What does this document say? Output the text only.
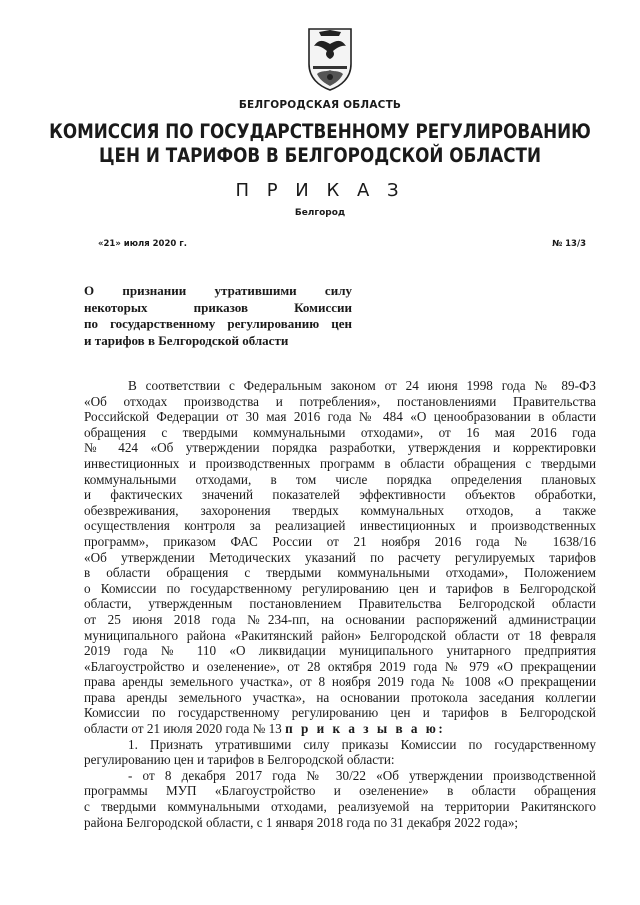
БЕЛГОРОДСКАЯ ОБЛАСТЬ
КОМИССИЯ ПО ГОСУДАРСТВЕННОМУ РЕГУЛИРОВАНИЮ
ЦЕН И ТАРИФОВ В БЕЛГОРОДСКОЙ ОБЛАСТИ
П Р И К А З
Белгород
«21» июля 2020 г.	№ 13/3
О признании утратившими силу
некоторых приказов Комиссии
по государственному регулированию цен
и тарифов в Белгородской области
В соответствии с Федеральным законом от 24 июня 1998 года № 89-ФЗ
«Об отходах производства и потребления», постановлениями Правительства
Российской Федерации от 30 мая 2016 года № 484 «О ценообразовании в области
обращения с твердыми коммунальными отходами», от 16 мая 2016 года
№ 424 «Об утверждении порядка разработки, утверждения и корректировки
инвестиционных и производственных программ в области обращения с твердыми
коммунальными отходами, в том числе порядка определения плановых
и фактических значений показателей эффективности объектов обработки,
обезвреживания, захоронения твердых коммунальных отходов, а также
осуществления контроля за реализацией инвестиционных и производственных
программ», приказом ФАС России от 21 ноября 2016 года № 1638/16
«Об утверждении Методических указаний по расчету регулируемых тарифов
в области обращения с твердыми коммунальными отходами», Положением
о Комиссии по государственному регулированию цен и тарифов в Белгородской
области, утвержденным постановлением Правительства Белгородской области
от 25 июня 2018 года №234-пп, на основании распоряжений администрации
муниципального района «Ракитянский район» Белгородской области от 18 февраля
2019 года № 110 «О ликвидации муниципального унитарного предприятия
«Благоустройство и озеленение», от 28 октября 2019 года № 979 «О прекращении
права аренды земельного участка», от 8 ноября 2019 года № 1008 «О прекращении
права аренды земельного участка», на основании протокола заседания коллегии
Комиссии по государственному регулированию цен и тарифов в Белгородской
области от 21 июля 2020 года № 13 п р и к а з ы в а ю:
1. Признать утратившими силу приказы Комиссии по государственному
регулированию цен и тарифов в Белгородской области:
- от 8 декабря 2017 года № 30/22 «Об утверждении производственной
программы МУП «Благоустройство и озеленение» в области обращения
с твердыми коммунальными отходами, реализуемой на территории Ракитянского
района Белгородской области, с 1 января 2018 года по 31 декабря 2022 года»;
